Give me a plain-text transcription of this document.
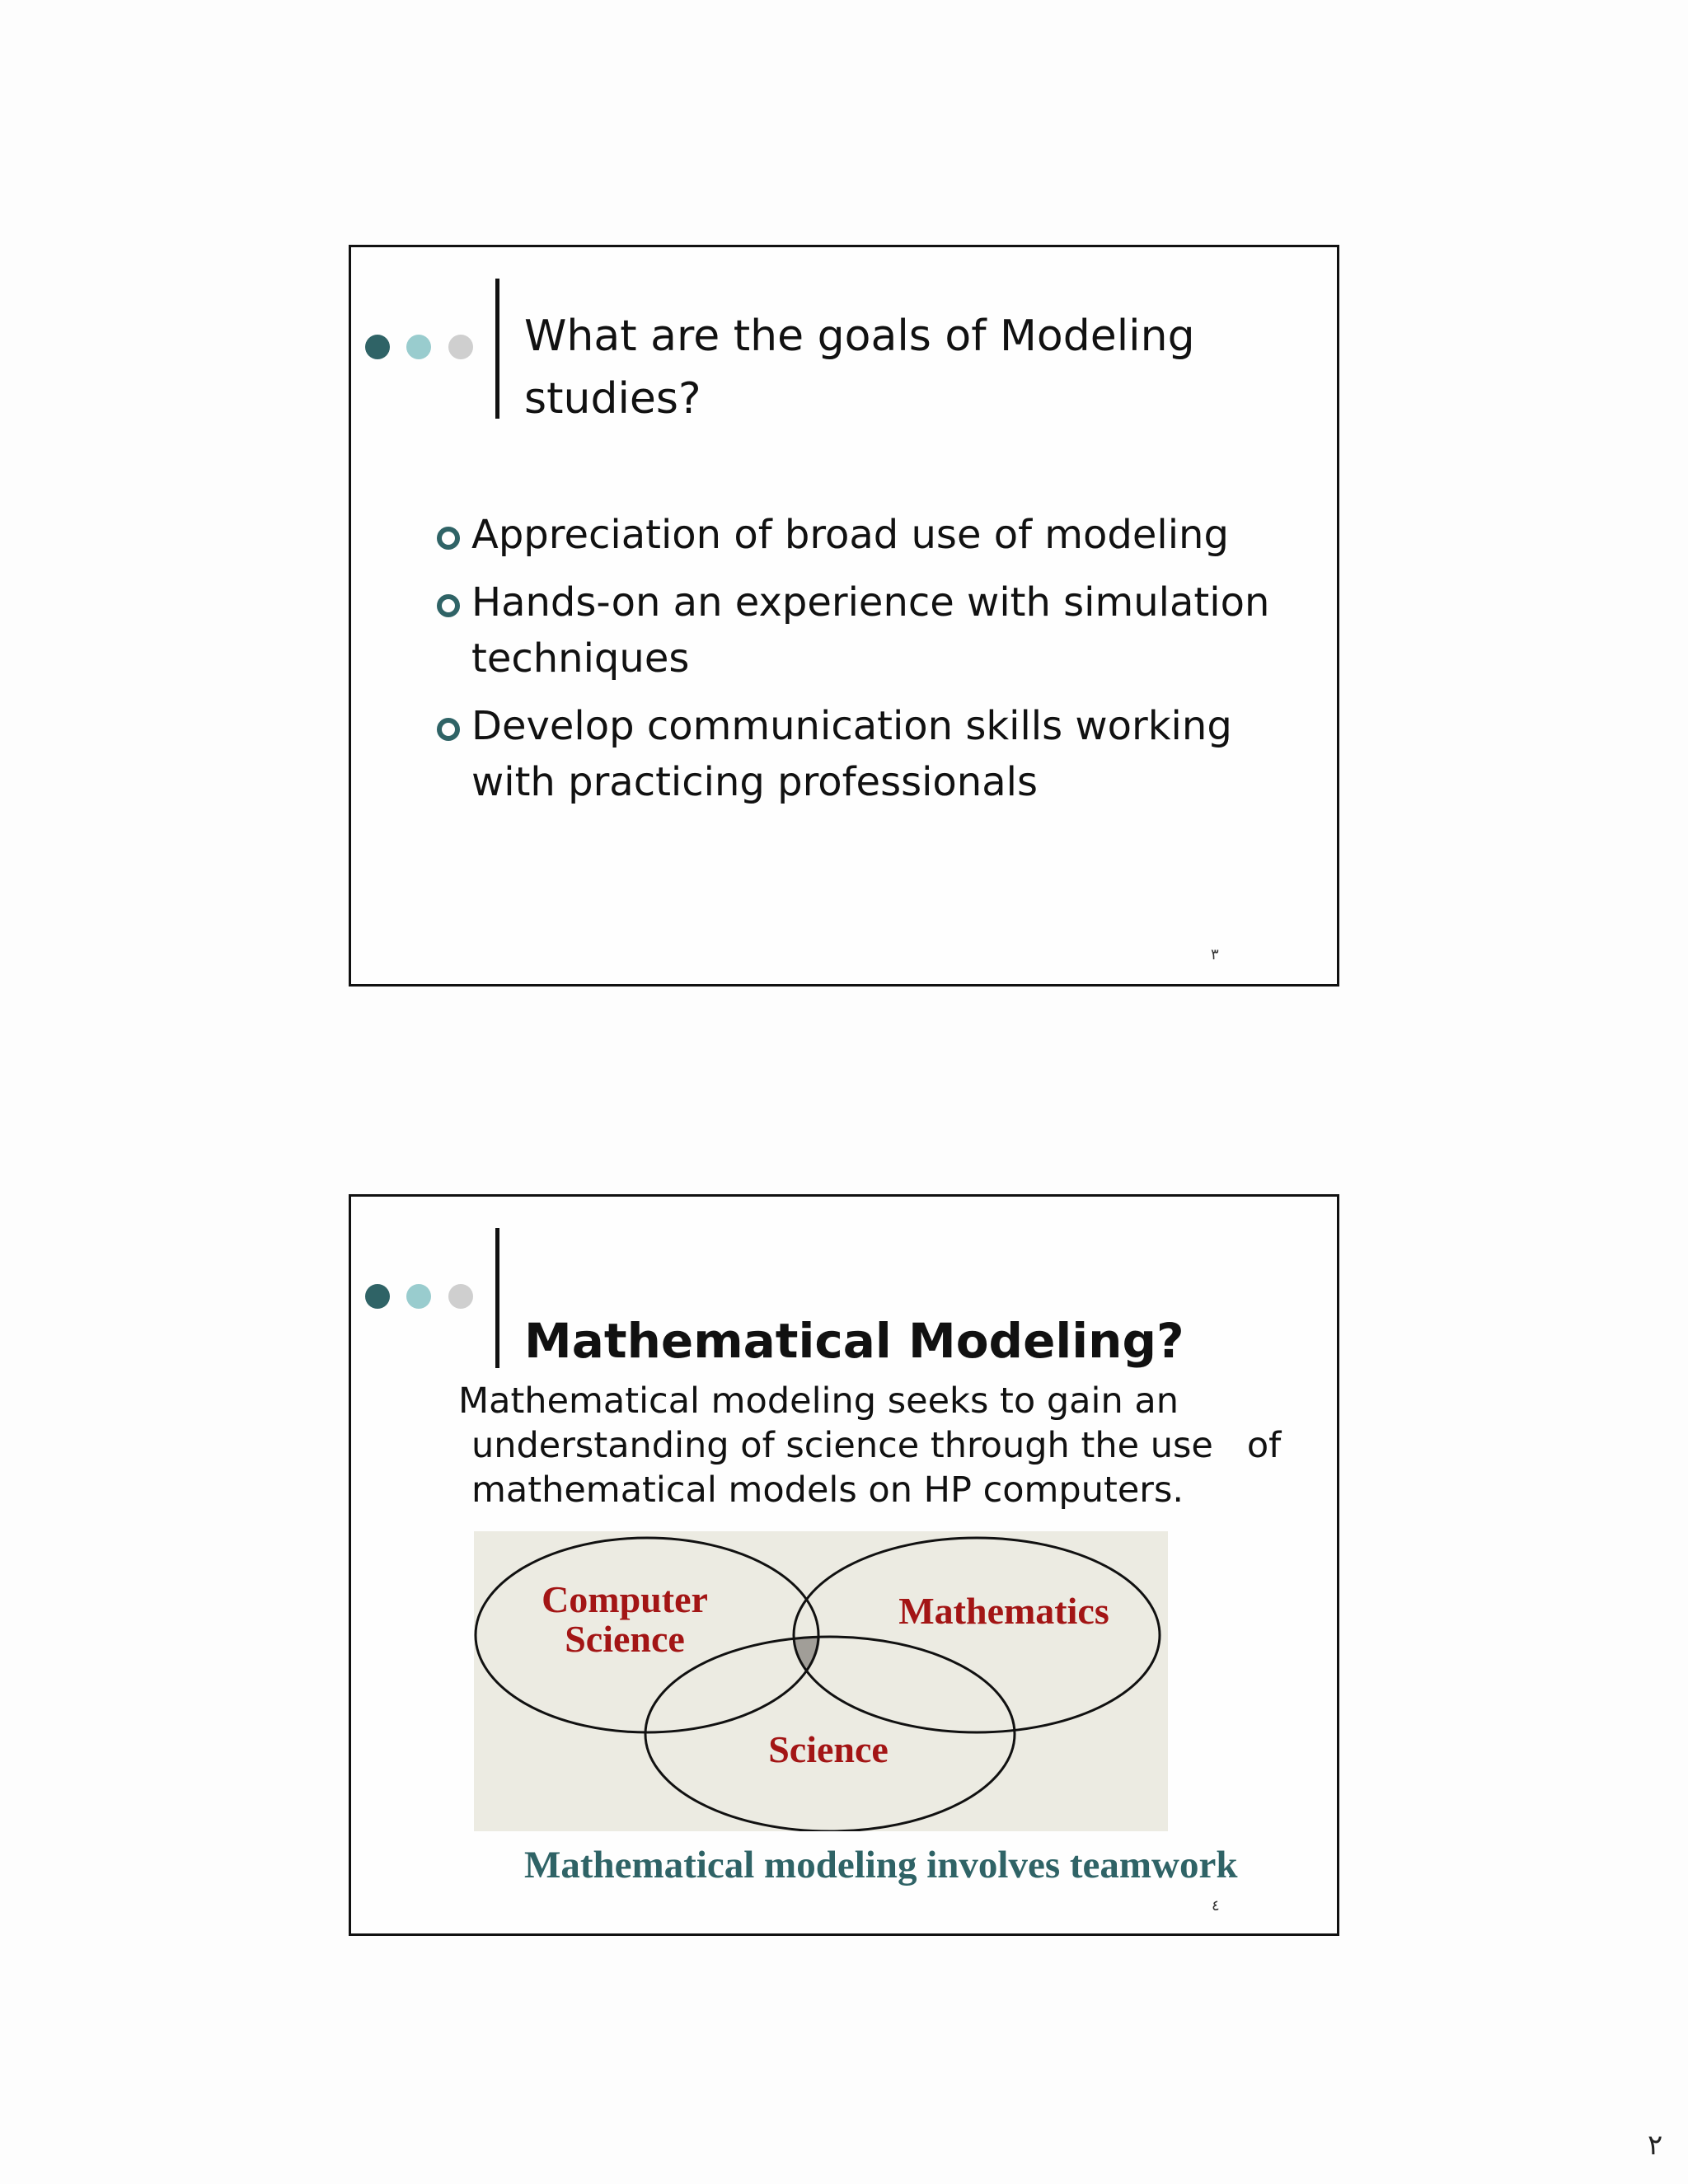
What are the goals of Modeling
studies?
Appreciation of broad use of modeling
Hands-on an experience with simulation
techniques
Develop communication skills working
with practicing professionals
٣
Mathematical Modeling?
Mathematical modeling seeks to gain an
understanding of science through the use   of
mathematical models on HP computers.
Computer
Science
Mathematics
Science
Mathematical modeling involves teamwork
٤
٢
